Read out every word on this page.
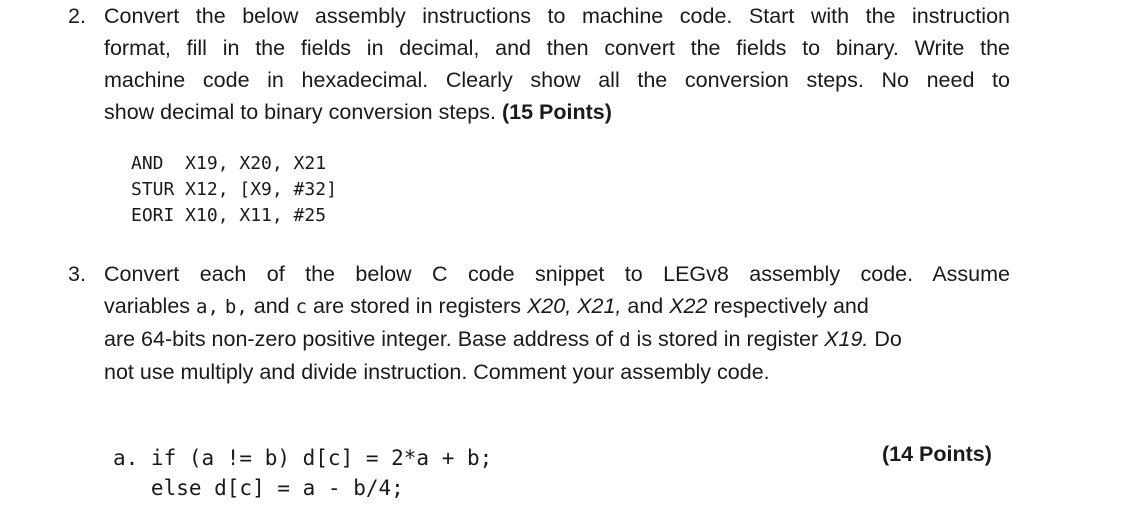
2. Convert the below assembly instructions to machine code. Start with the instruction
format, fill in the fields in decimal, and then convert the fields to binary. Write the
machine code in hexadecimal. Clearly show all the conversion steps. No need to
show decimal to binary conversion steps. (15 Points)
AND  X19, X20, X21
STUR X12, [X9, #32]
EORI X10, X11, #25
3. Convert each of the below C code snippet to LEGv8 assembly code. Assume
variables a, b, and c are stored in registers X20, X21, and X22 respectively and
are 64-bits non-zero positive integer. Base address of d is stored in register X19. Do
not use multiply and divide instruction. Comment your assembly code.
a. if (a != b) d[c] = 2*a + b;
else d[c] = a - b/4;
(14 Points)
